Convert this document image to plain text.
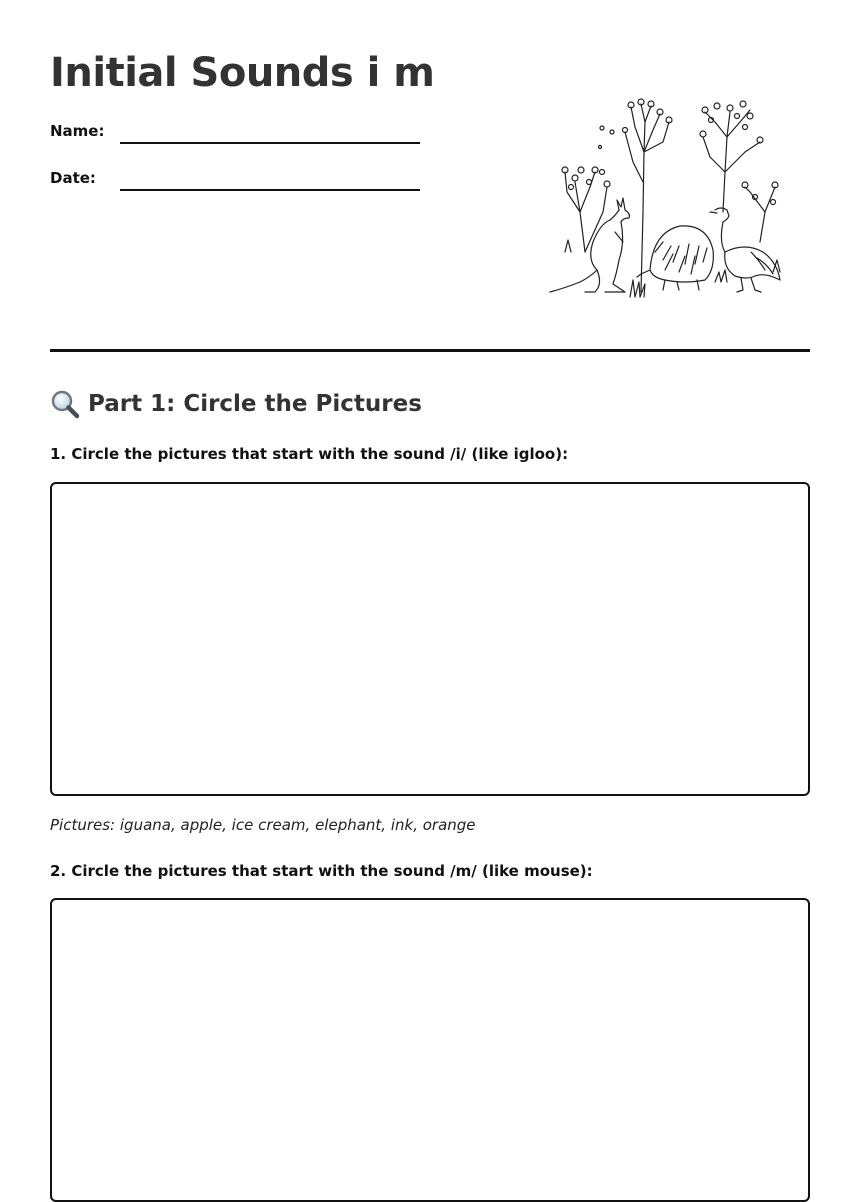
Initial Sounds i m
Name:
Date:
Part 1: Circle the Pictures
1. Circle the pictures that start with the sound /i/ (like igloo):
Pictures: iguana, apple, ice cream, elephant, ink, orange
2. Circle the pictures that start with the sound /m/ (like mouse):
